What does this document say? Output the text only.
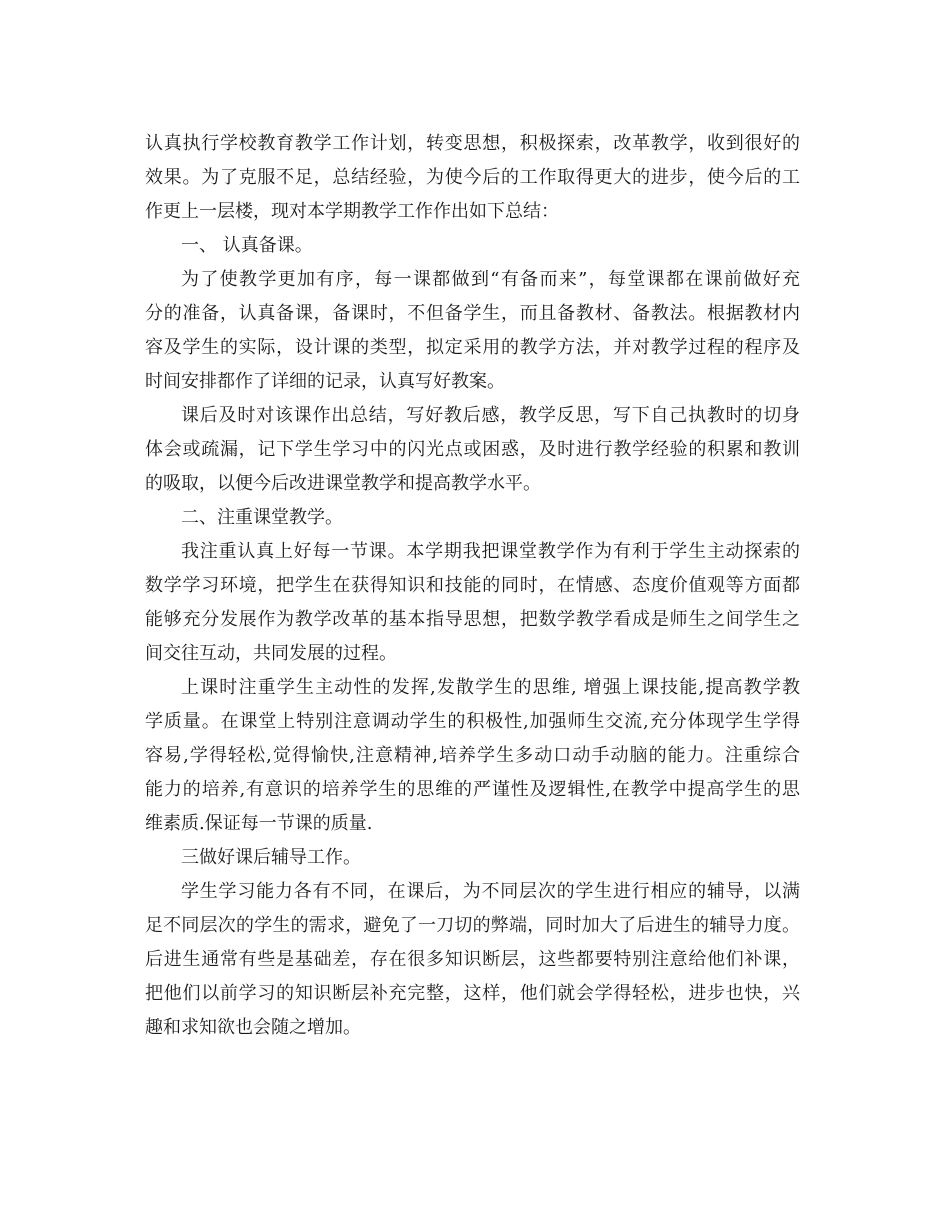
认真执行学校教育教学工作计划，转变思想，积极探索，改革教学，收到很好的
效果。为了克服不足，总结经验，为使今后的工作取得更大的进步，使今后的工
作更上一层楼，现对本学期教学工作作出如下总结：
一、 认真备课。
为了使教学更加有序，每一课都做到“有备而来”，每堂课都在课前做好充
分的准备，认真备课，备课时，不但备学生，而且备教材、备教法。根据教材内
容及学生的实际，设计课的类型，拟定采用的教学方法，并对教学过程的程序及
时间安排都作了详细的记录，认真写好教案。
课后及时对该课作出总结，写好教后感，教学反思，写下自己执教时的切身
体会或疏漏，记下学生学习中的闪光点或困惑，及时进行教学经验的积累和教训
的吸取，以便今后改进课堂教学和提高教学水平。
二、注重课堂教学。
我注重认真上好每一节课。本学期我把课堂教学作为有利于学生主动探索的
数学学习环境，把学生在获得知识和技能的同时，在情感、态度价值观等方面都
能够充分发展作为教学改革的基本指导思想，把数学教学看成是师生之间学生之
间交往互动，共同发展的过程。
上课时注重学生主动性的发挥,发散学生的思维, 增强上课技能,提高教学教
学质量。在课堂上特别注意调动学生的积极性,加强师生交流,充分体现学生学得
容易,学得轻松,觉得愉快,注意精神,培养学生多动口动手动脑的能力。注重综合
能力的培养,有意识的培养学生的思维的严谨性及逻辑性,在教学中提高学生的思
维素质.保证每一节课的质量.
三做好课后辅导工作。
学生学习能力各有不同，在课后，为不同层次的学生进行相应的辅导，以满
足不同层次的学生的需求，避免了一刀切的弊端，同时加大了后进生的辅导力度。
后进生通常有些是基础差，存在很多知识断层，这些都要特别注意给他们补课，
把他们以前学习的知识断层补充完整，这样，他们就会学得轻松，进步也快，兴
趣和求知欲也会随之增加。
